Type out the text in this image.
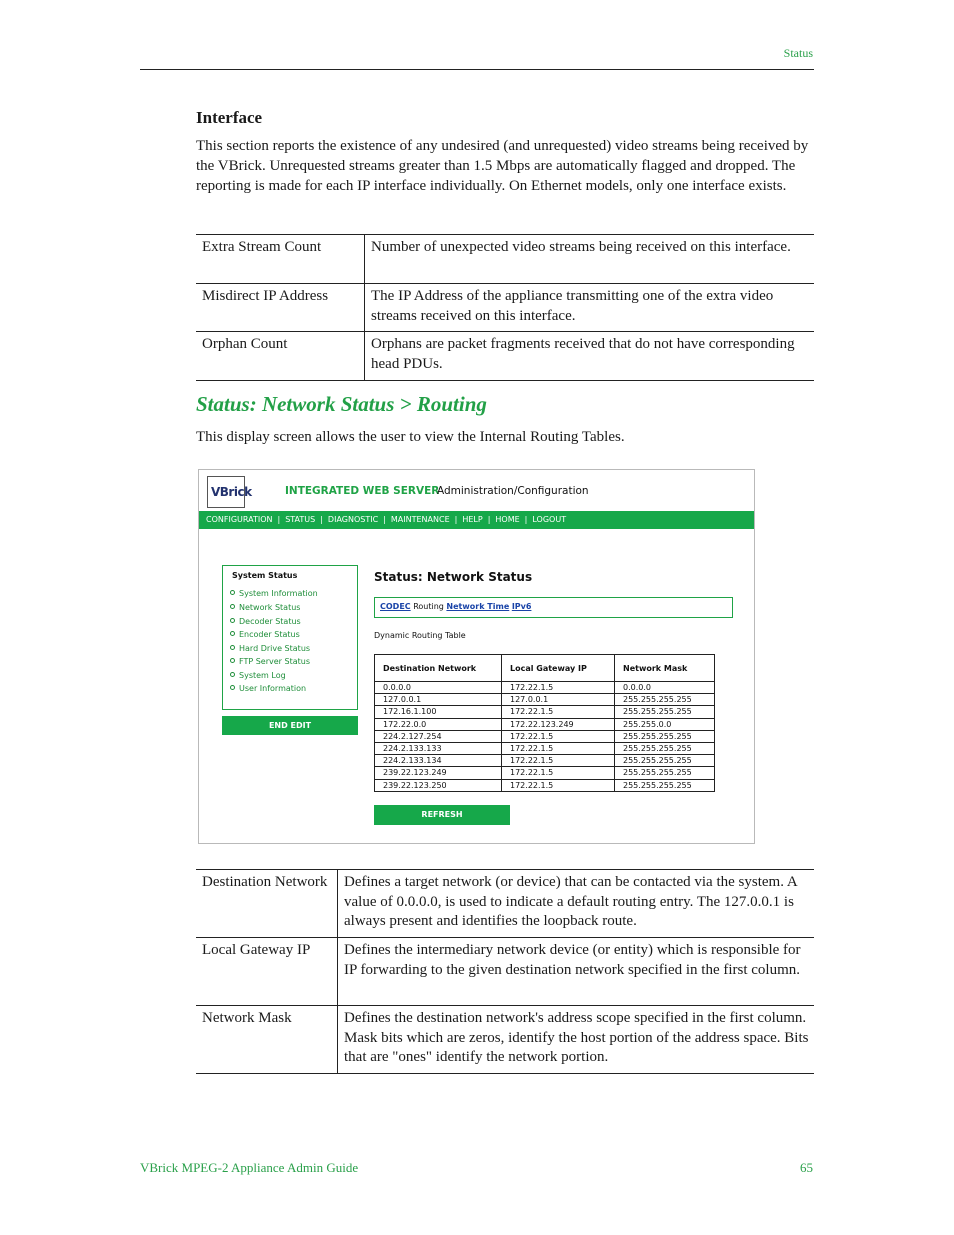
Status
Interface
This section reports the existence of any undesired (and unrequested) video streams being received by the VBrick. Unrequested streams greater than 1.5 Mbps are automatically flagged and dropped. The reporting is made for each IP interface individually. On Ethernet models, only one interface exists.
Extra Stream Count	Number of unexpected video streams being received on this interface.
Misdirect IP Address	The IP Address of the appliance transmitting one of the extra video streams received on this interface.
Orphan Count	Orphans are packet fragments received that do not have corresponding head PDUs.
Status: Network Status > Routing
This display screen allows the user to view the Internal Routing Tables.
VBrick	INTEGRATED WEB SERVER
Administration/Configuration
CONFIGURATION | STATUS | DIAGNOSTIC | MAINTENANCE | HELP | HOME | LOGOUT
System Status
System Information
Network Status
Decoder Status
Encoder Status
Hard Drive Status
FTP Server Status
System Log
User Information
END EDIT
Status: Network Status
CODEC Routing Network Time IPv6
Dynamic Routing Table
Destination Network	Local Gateway IP	Network Mask
0.0.0.0	172.22.1.5	0.0.0.0
127.0.0.1	127.0.0.1	255.255.255.255
172.16.1.100	172.22.1.5	255.255.255.255
172.22.0.0	172.22.123.249	255.255.0.0
224.2.127.254	172.22.1.5	255.255.255.255
224.2.133.133	172.22.1.5	255.255.255.255
224.2.133.134	172.22.1.5	255.255.255.255
239.22.123.249	172.22.1.5	255.255.255.255
239.22.123.250	172.22.1.5	255.255.255.255
REFRESH
Destination Network	Defines a target network (or device) that can be contacted via the system. A value of 0.0.0.0, is used to indicate a default routing entry. The 127.0.0.1 is always present and identifies the loopback route.
Local Gateway IP	Defines the intermediary network device (or entity) which is responsible for IP forwarding to the given destination network specified in the first column.
Network Mask	Defines the destination network's address scope specified in the first column. Mask bits which are zeros, identify the host portion of the address space. Bits that are "ones" identify the network portion.
VBrick MPEG-2 Appliance Admin Guide	65
